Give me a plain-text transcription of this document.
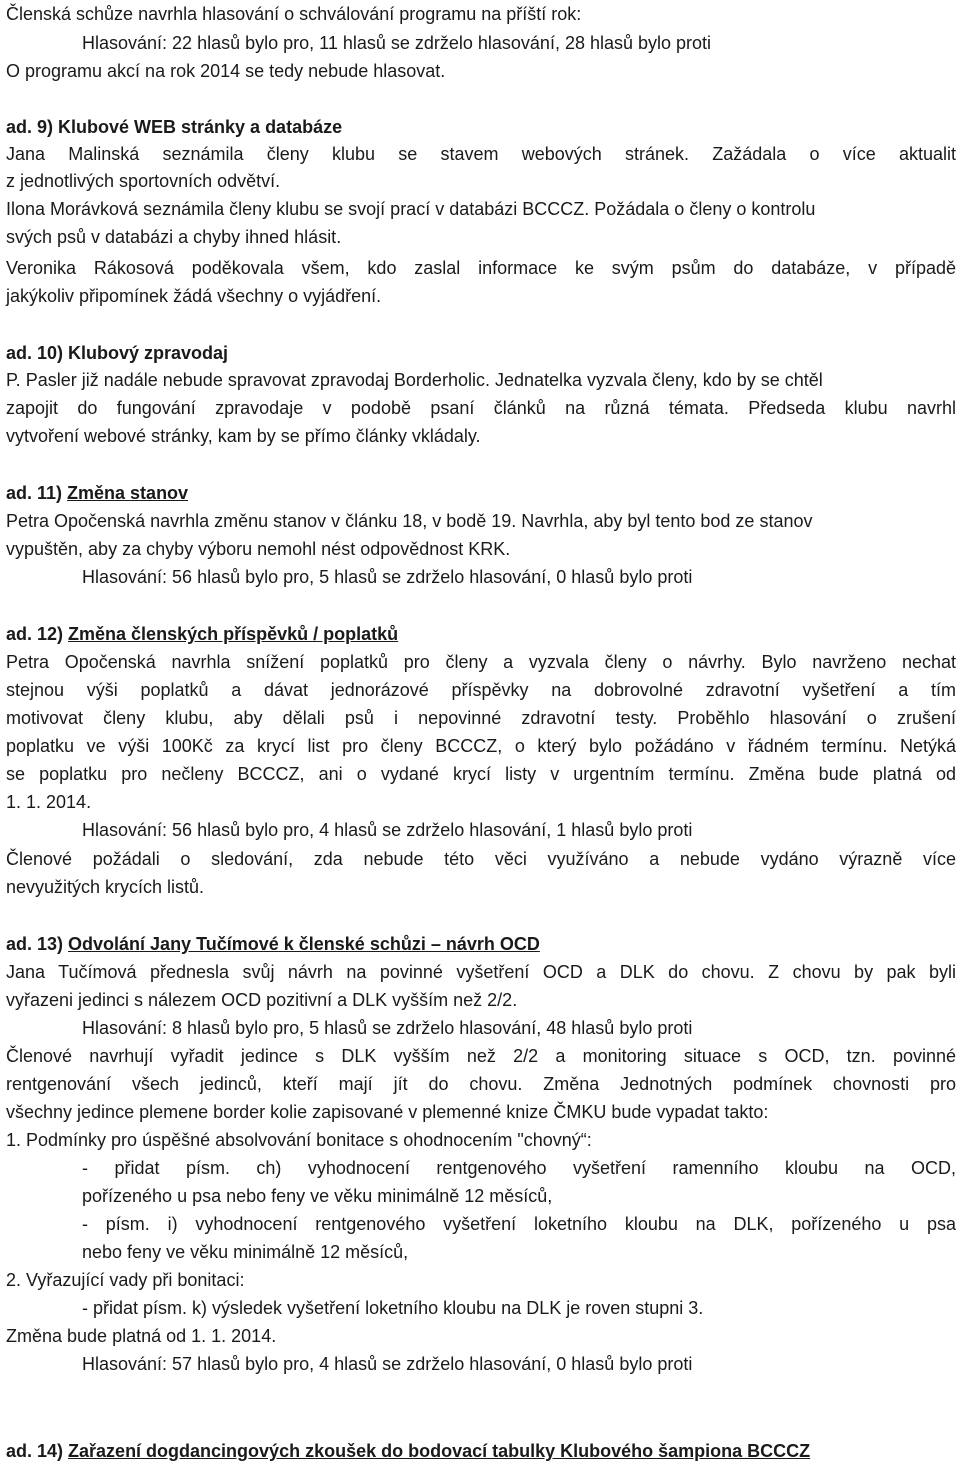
Členská schůze navrhla hlasování o schválování programu na příští rok:
Hlasování: 22 hlasů bylo pro, 11 hlasů se zdrželo hlasování, 28 hlasů bylo proti
O programu akcí na rok 2014 se tedy nebude hlasovat.
ad. 9) Klubové WEB stránky a databáze
Jana Malinská seznámila členy klubu se stavem webových stránek. Zažádala o více aktualit
z jednotlivých sportovních odvětví.
Ilona Morávková seznámila členy klubu se svojí prací v databázi BCCCZ. Požádala o členy o kontrolu
svých psů v databázi a chyby ihned hlásit.
Veronika Rákosová poděkovala všem, kdo zaslal informace ke svým psům do databáze, v případě
jakýkoliv připomínek žádá všechny o vyjádření.
ad. 10) Klubový zpravodaj
P. Pasler již nadále nebude spravovat zpravodaj Borderholic. Jednatelka vyzvala členy, kdo by se chtěl
zapojit do fungování zpravodaje v podobě psaní článků na různá témata. Předseda klubu navrhl
vytvoření webové stránky, kam by se přímo články vkládaly.
ad. 11) Změna stanov
Petra Opočenská navrhla změnu stanov v článku 18, v bodě 19. Navrhla, aby byl tento bod ze stanov
vypuštěn, aby za chyby výboru nemohl nést odpovědnost KRK.
Hlasování: 56 hlasů bylo pro, 5 hlasů se zdrželo hlasování, 0 hlasů bylo proti
ad. 12) Změna členských příspěvků / poplatků
Petra Opočenská navrhla snížení poplatků pro členy a vyzvala členy o návrhy. Bylo navrženo nechat
stejnou výši poplatků a dávat jednorázové příspěvky na dobrovolné zdravotní vyšetření a tím
motivovat členy klubu, aby dělali psů i nepovinné zdravotní testy. Proběhlo hlasování o zrušení
poplatku ve výši 100Kč za krycí list pro členy BCCCZ, o který bylo požádáno v řádném termínu. Netýká
se poplatku pro nečleny BCCCZ, ani o vydané krycí listy v urgentním termínu. Změna bude platná od
1. 1. 2014.
Hlasování: 56 hlasů bylo pro, 4 hlasů se zdrželo hlasování, 1 hlasů bylo proti
Členové požádali o sledování, zda nebude této věci využíváno a nebude vydáno výrazně více
nevyužitých krycích listů.
ad. 13) Odvolání Jany Tučímové k členské schůzi – návrh OCD
Jana Tučímová přednesla svůj návrh na povinné vyšetření OCD a DLK do chovu. Z chovu by pak byli
vyřazeni jedinci s nálezem OCD pozitivní a DLK vyšším než 2/2.
Hlasování: 8 hlasů bylo pro, 5 hlasů se zdrželo hlasování, 48 hlasů bylo proti
Členové navrhují vyřadit jedince s DLK vyšším než 2/2 a monitoring situace s OCD, tzn. povinné
rentgenování všech jedinců, kteří mají jít do chovu. Změna Jednotných podmínek chovnosti pro
všechny jedince plemene border kolie zapisované v plemenné knize ČMKU bude vypadat takto:
1. Podmínky pro úspěšné absolvování bonitace s ohodnocením "chovný“:
- přidat písm. ch) vyhodnocení rentgenového vyšetření ramenního kloubu na OCD,
pořízeného u psa nebo feny ve věku minimálně 12 měsíců,
- písm. i) vyhodnocení rentgenového vyšetření loketního kloubu na DLK, pořízeného u psa
nebo feny ve věku minimálně 12 měsíců,
2. Vyřazující vady při bonitaci:
- přidat písm. k) výsledek vyšetření loketního kloubu na DLK je roven stupni 3.
Změna bude platná od 1. 1. 2014.
Hlasování: 57 hlasů bylo pro, 4 hlasů se zdrželo hlasování, 0 hlasů bylo proti
ad. 14) Zařazení dogdancingových zkoušek do bodovací tabulky Klubového šampiona BCCCZ
